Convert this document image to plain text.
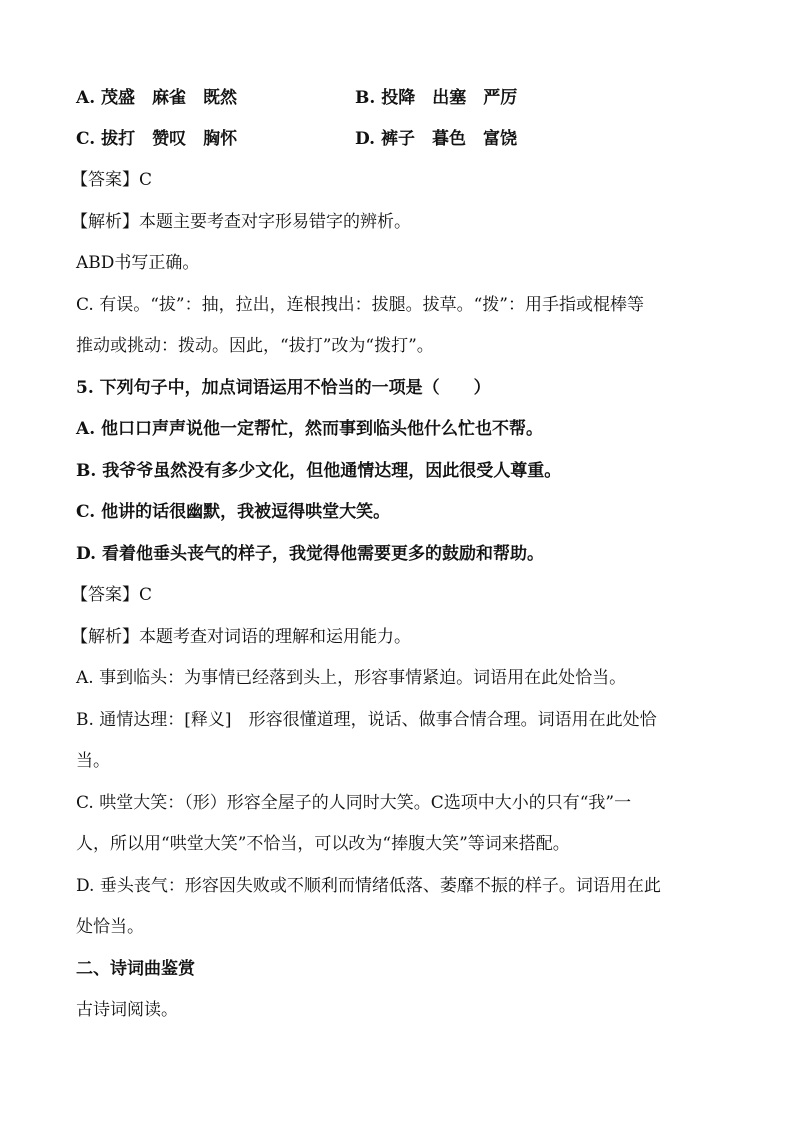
A. 茂盛　麻雀　既然	B. 投降　出塞　严厉
C. 拔打　赞叹　胸怀	D. 裤子　暮色　富饶
【答案】C
【解析】本题主要考查对字形易错字的辨析。
ABD书写正确。
C. 有误。“拔”：抽，拉出，连根拽出：拔腿。拔草。“拨”：用手指或棍棒等
推动或挑动：拨动。因此，“拔打”改为“拨打”。
5. 下列句子中，加点词语运用不恰当的一项是（　　）
A. 他口口声声说他一定帮忙，然而事到临头他什么忙也不帮。
B. 我爷爷虽然没有多少文化，但他通情达理，因此很受人尊重。
C. 他讲的话很幽默，我被逗得哄堂大笑。
D. 看着他垂头丧气的样子，我觉得他需要更多的鼓励和帮助。
【答案】C
【解析】本题考查对词语的理解和运用能力。
A. 事到临头：为事情已经落到头上，形容事情紧迫。词语用在此处恰当。
B. 通情达理：[释义]　形容很懂道理，说话、做事合情合理。词语用在此处恰
当。
C. 哄堂大笑：（形）形容全屋子的人同时大笑。C选项中大小的只有“我”一
人，所以用“哄堂大笑”不恰当，可以改为“捧腹大笑”等词来搭配。
D. 垂头丧气：形容因失败或不顺利而情绪低落、萎靡不振的样子。词语用在此
处恰当。
二、诗词曲鉴赏
古诗词阅读。
